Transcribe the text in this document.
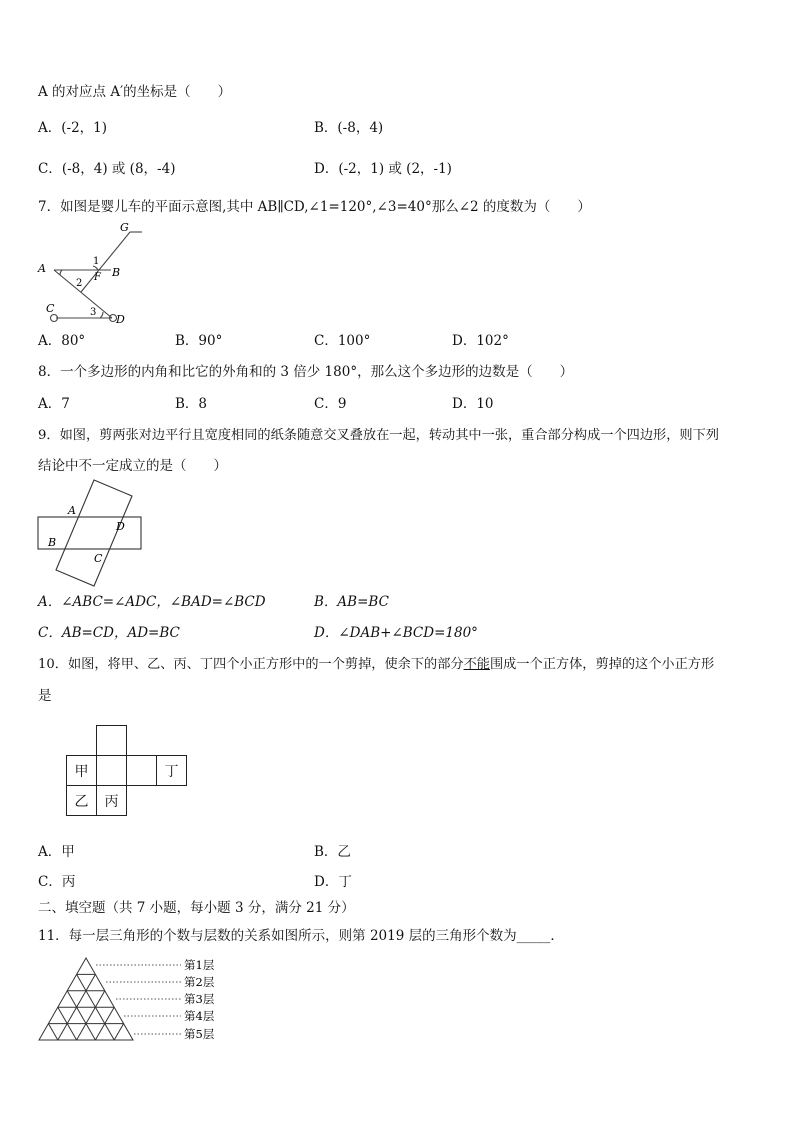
A 的对应点 A′的坐标是（　　）
A．(-2，1)	B．(-8，4)
C．(-8，4) 或 (8，-4)	D．(-2，1) 或 (2，-1)
7．如图是婴儿车的平面示意图,其中 AB∥CD,∠1=120°,∠3=40°那么∠2 的度数为（　　）
G
A
1
B
F
2
C	3
D
A．80°	B．90°	C．100°	D．102°
8．一个多边形的内角和比它的外角和的 3 倍少 180°，那么这个多边形的边数是（　　）
A．7	B．8	C．9	D．10
9．如图，剪两张对边平行且宽度相同的纸条随意交叉叠放在一起，转动其中一张，重合部分构成一个四边形，则下列
结论中不一定成立的是（　　）
A
D
B
C
A．∠ABC=∠ADC，∠BAD=∠BCD	B．AB=BC
C．AB=CD，AD=BC	D．∠DAB+∠BCD=180°
10．如图，将甲、乙、丙、丁四个小正方形中的一个剪掉，使余下的部分不能围成一个正方体，剪掉的这个小正方形
是
甲	丁
乙	丙
A．甲	B．乙
C．丙	D．丁
二、填空题（共 7 小题，每小题 3 分，满分 21 分）
11．每一层三角形的个数与层数的关系如图所示，则第 2019 层的三角形个数为_____．
第1层
第2层
第3层
第4层
第5层
